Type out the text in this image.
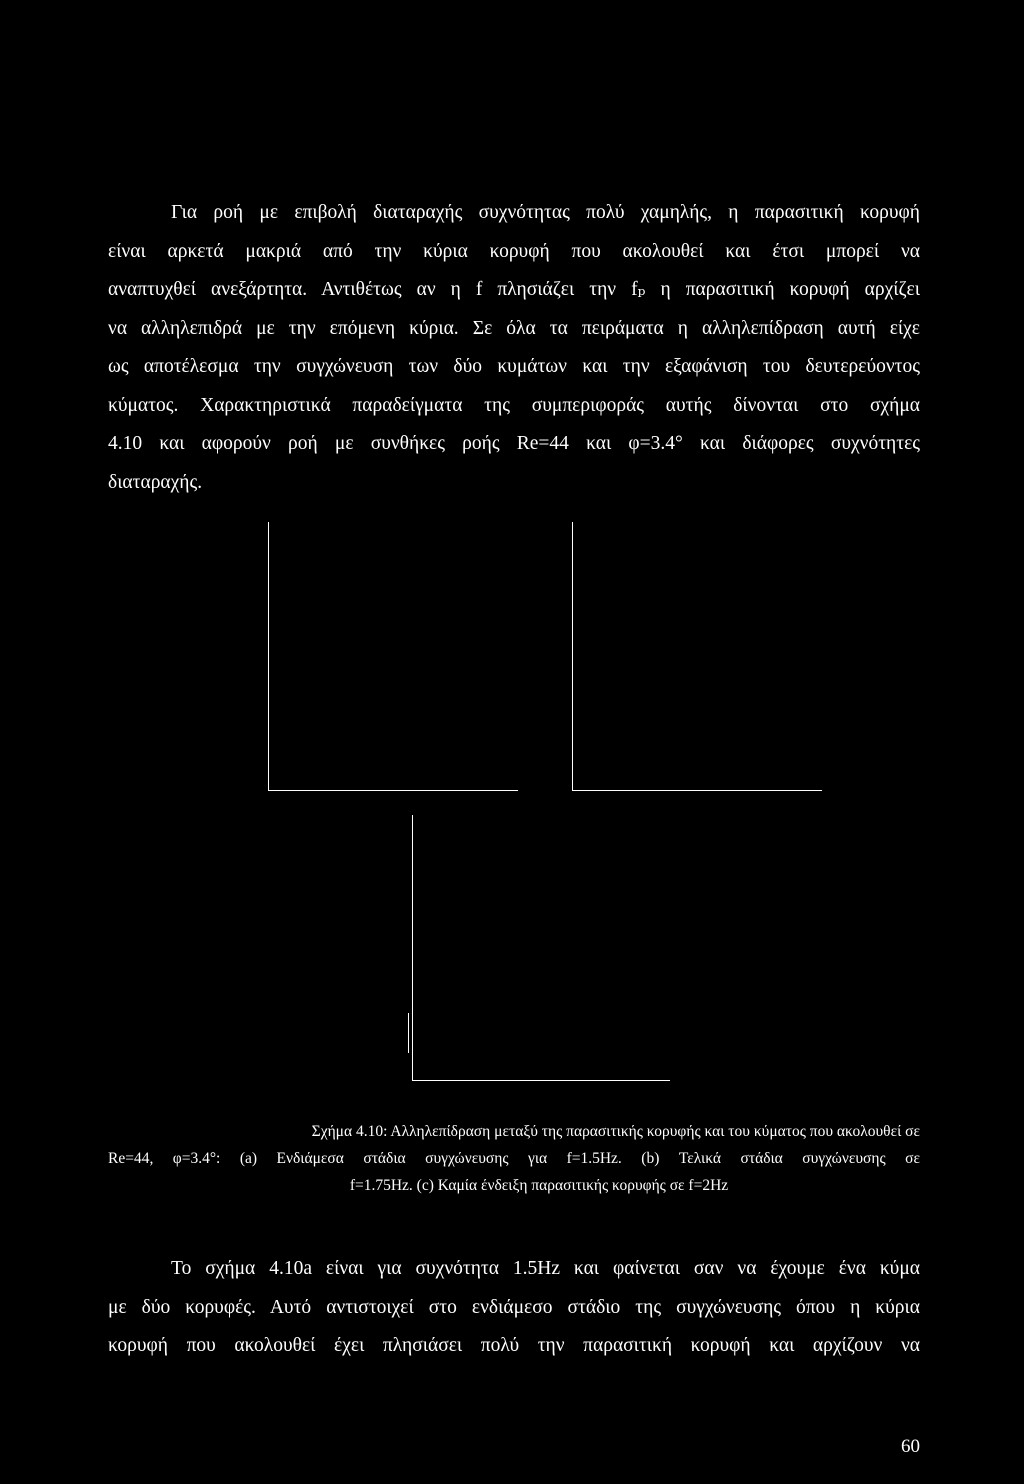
Για ροή με επιβολή διαταραχής συχνότητας πολύ χαμηλής, η παρασιτική κορυφή
είναι αρκετά μακριά από την κύρια κορυφή που ακολουθεί και έτσι μπορεί να
αναπτυχθεί ανεξάρτητα. Αντιθέτως αν η f πλησιάζει την fₚ η παρασιτική κορυφή αρχίζει
να αλληλεπιδρά με την επόμενη κύρια. Σε όλα τα πειράματα η αλληλεπίδραση αυτή είχε
ως αποτέλεσμα την συγχώνευση των δύο κυμάτων και την εξαφάνιση του δευτερεύοντος
κύματος. Χαρακτηριστικά παραδείγματα της συμπεριφοράς αυτής δίνονται στο σχήμα
4.10 και αφορούν ροή με συνθήκες ροής Re=44 και φ=3.4° και διάφορες συχνότητες
διαταραχής.
Σχήμα 4.10: Αλληλεπίδραση μεταξύ της παρασιτικής κορυφής και του κύματος που ακολουθεί σε
Re=44, φ=3.4°: (a) Ενδιάμεσα στάδια συγχώνευσης για f=1.5Hz. (b) Τελικά στάδια συγχώνευσης σε
f=1.75Hz. (c) Καμία ένδειξη παρασιτικής κορυφής σε f=2Hz
Το σχήμα 4.10a είναι για συχνότητα 1.5Hz και φαίνεται σαν να έχουμε ένα κύμα
με δύο κορυφές. Αυτό αντιστοιχεί στο ενδιάμεσο στάδιο της συγχώνευσης όπου η κύρια
κορυφή που ακολουθεί έχει πλησιάσει πολύ την παρασιτική κορυφή και αρχίζουν να
60
